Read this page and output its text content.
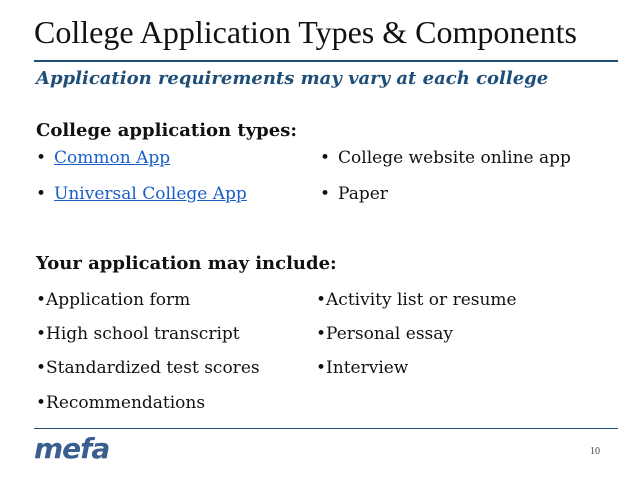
College Application Types & Components
Application requirements may vary at each college
College application types:
• Common App
• Universal College App
• College website online app
• Paper
Your application may include:
•Application form
•High school transcript
•Standardized test scores
•Recommendations
•Activity list or resume
•Personal essay
•Interview
mefa	10
